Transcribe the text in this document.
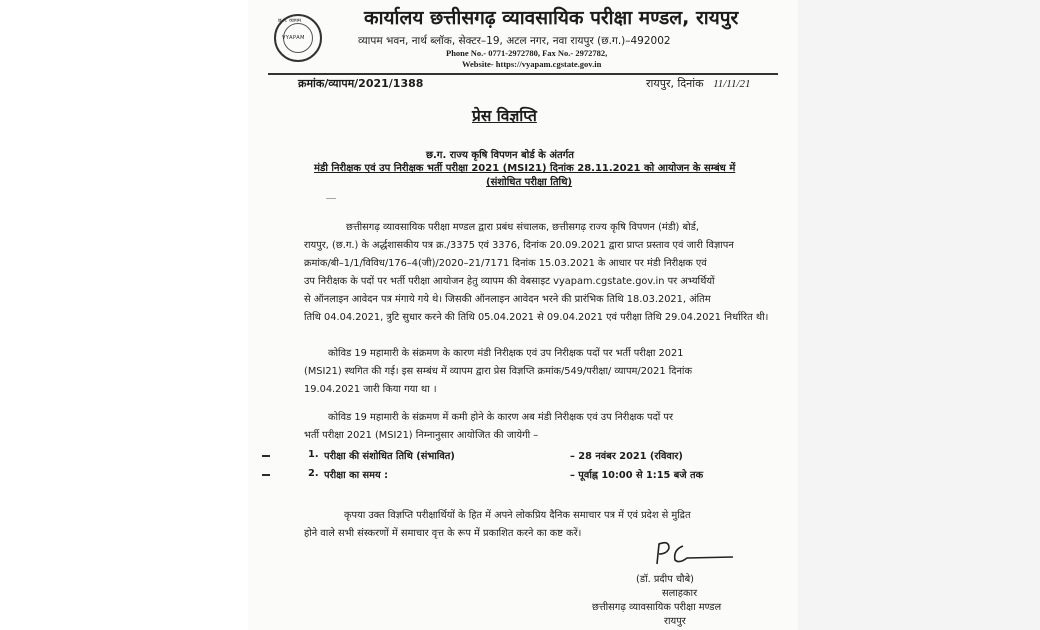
छ.ग. व्यापम
VYAPAM
कार्यालय छत्तीसगढ़ व्यावसायिक परीक्षा मण्डल, रायपुर
व्यापम भवन, नार्थ ब्लॉक, सेक्टर–19, अटल नगर, नवा रायपुर (छ.ग.)–492002
Phone No.- 0771-2972780, Fax No.- 2972782,
Website- https://vyapam.cgstate.gov.in
क्रमांक/व्यापम/2021/1388	रायपुर, दिनांक 11/11/21
प्रेस विज्ञप्ति
छ.ग. राज्य कृषि विपणन बोर्ड के अंतर्गत
मंडी निरीक्षक एवं उप निरीक्षक भर्ती परीक्षा 2021 (MSI21) दिनांक 28.11.2021 को आयोजन के सम्बंध में
(संशोधित परीक्षा तिथि)
छत्तीसगढ़ व्यावसायिक परीक्षा मण्डल द्वारा प्रबंध संचालक, छत्तीसगढ़ राज्य कृषि विपणन (मंडी) बोर्ड,
रायपुर, (छ.ग.) के अर्द्धशासकीय पत्र क्र./3375 एवं 3376, दिनांक 20.09.2021 द्वारा प्राप्त प्रस्ताव एवं जारी विज्ञापन
क्रमांक/बी–1/1/विविध/176–4(जी)/2020–21/7171 दिनांक 15.03.2021 के आधार पर मंडी निरीक्षक एवं
उप निरीक्षक के पदों पर भर्ती परीक्षा आयोजन हेतु व्यापम की वेबसाइट vyapam.cgstate.gov.in पर अभ्यर्थियों
से ऑनलाइन आवेदन पत्र मंगाये गये थे। जिसकी ऑनलाइन आवेदन भरने की प्रारंभिक तिथि 18.03.2021, अंतिम
तिथि 04.04.2021, त्रुटि सुधार करने की तिथि 05.04.2021 से 09.04.2021 एवं परीक्षा तिथि 29.04.2021 निर्धारित थी।
कोविड 19 महामारी के संक्रमण के कारण मंडी निरीक्षक एवं उप निरीक्षक पदों पर भर्ती परीक्षा 2021
(MSI21) स्थगित की गई। इस सम्बंध में व्यापम द्वारा प्रेस विज्ञप्ति क्रमांक/549/परीक्षा/ व्यापम/2021 दिनांक
19.04.2021 जारी किया गया था ।
कोविड 19 महामारी के संक्रमण में कमी होने के कारण अब मंडी निरीक्षक एवं उप निरीक्षक पदों पर
भर्ती परीक्षा 2021 (MSI21) निम्नानुसार आयोजित की जायेगी –
1. परीक्षा की संशोधित तिथि (संभावित)	– 28 नवंबर 2021 (रविवार)
2. परीक्षा का समय :	– पूर्वाह्न 10:00 से 1:15 बजे तक
कृपया उक्त विज्ञप्ति परीक्षार्थियों के हित में अपने लोकप्रिय दैनिक समाचार पत्र में एवं प्रदेश से मुद्रित
होने वाले सभी संस्करणों में समाचार वृत्त के रूप में प्रकाशित करने का कष्ट करें।
(डॉ. प्रदीप चौबे)
सलाहकार
छत्तीसगढ़ व्यावसायिक परीक्षा मण्डल
रायपुर
